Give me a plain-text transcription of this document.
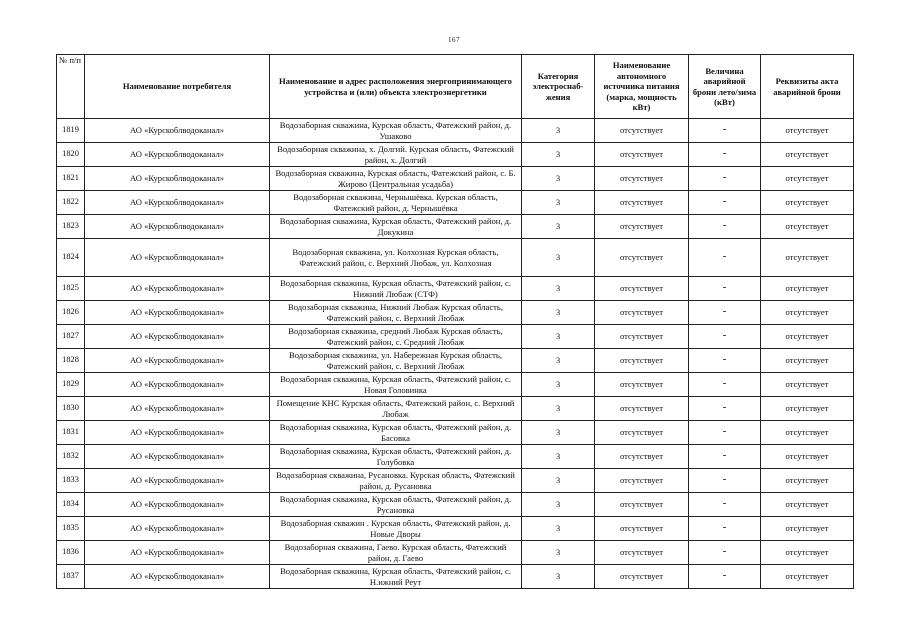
167
№ п/п	Наименование потребителя	Наименование и адрес расположения энергопринимающего устройства и (или) объекта электроэнергетики	Категория электроснаб-жения	Наименование автономного источника питания (марка, мощность кВт)	Величина аварийной брони лето/зима (кВт)	Реквизиты акта аварийной брони
1819	АО «Курскоблводоканал»	Водозаборная скважина, Курская область, Фатежский район, д. Ушаково	3	отсутствует	-	отсутствует
1820	АО «Курскоблводоканал»	Водозаборная скважина, х. Долгий. Курская область, Фатежский район, х. Долгий	3	отсутствует	-	отсутствует
1821	АО «Курскоблводоканал»	Водозаборная скважина, Курская область, Фатежский район, с. Б. Жирово (Центральная усадьба)	3	отсутствует	-	отсутствует
1822	АО «Курскоблводоканал»	Водозаборная скважина, Чернышёвка. Курская область, Фатежский район, д. Чернышёвка	3	отсутствует	-	отсутствует
1823	АО «Курскоблводоканал»	Водозаборная скважина, Курская область, Фатежский район, д. Докукина	3	отсутствует	-	отсутствует
1824	АО «Курскоблводоканал»	Водозаборная скважина, ул. Колхозная Курская область, Фатежский район, с. Верхний Любаж, ул. Колхозная	3	отсутствует	-	отсутствует
1825	АО «Курскоблводоканал»	Водозаборная скважина, Курская область, Фатежский район, с. Нижний Любаж (СТФ)	3	отсутствует	-	отсутствует
1826	АО «Курскоблводоканал»	Водозаборная скважина, Нижний Любаж Курская область, Фатежский район, с. Верхний Любаж	3	отсутствует	-	отсутствует
1827	АО «Курскоблводоканал»	Водозаборная скважина, средний Любаж Курская область, Фатежский район, с. Средний Любаж	3	отсутствует	-	отсутствует
1828	АО «Курскоблводоканал»	Водозаборная скважина, ул. Набережная Курская область, Фатежский район, с. Верхний Любаж	3	отсутствует	-	отсутствует
1829	АО «Курскоблводоканал»	Водозаборная скважина, Курская область, Фатежский район, с. Новая Головинка	3	отсутствует	-	отсутствует
1830	АО «Курскоблводоканал»	Помещение КНС Курская область, Фатежский район, с. Верхний Любаж	3	отсутствует	-	отсутствует
1831	АО «Курскоблводоканал»	Водозаборная скважина, Курская область, Фатежский район, д. Басовка	3	отсутствует	-	отсутствует
1832	АО «Курскоблводоканал»	Водозаборная скважина, Курская область, Фатежский район, д. Голубовка	3	отсутствует	-	отсутствует
1833	АО «Курскоблводоканал»	Водозаборная скважина, Русановка. Курская область, Фатежский район, д. Русановка	3	отсутствует	-	отсутствует
1834	АО «Курскоблводоканал»	Водозаборная скважина, Курская область, Фатежский район, д. Русановка	3	отсутствует	-	отсутствует
1835	АО «Курскоблводоканал»	Водозаборная скважин . Курская область, Фатежский район, д. Новые Дворы	3	отсутствует	-	отсутствует
1836	АО «Курскоблводоканал»	Водозаборная скважина, Гаево. Курская область, Фатежский район, д. Гаево	3	отсутствует	-	отсутствует
1837	АО «Курскоблводоканал»	Водозаборная скважина, Курская область, Фатежский район, с. Н.ижний Реут	3	отсутствует	-	отсутствует
